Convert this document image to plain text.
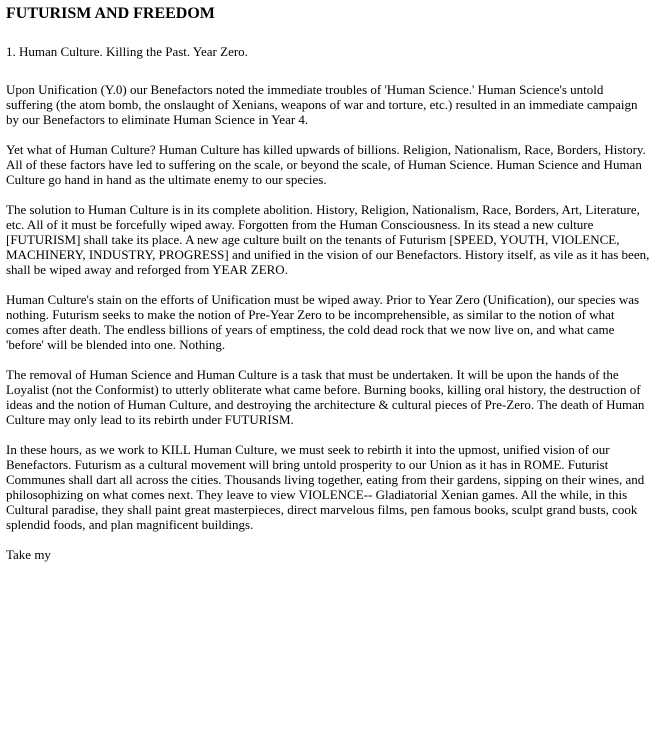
FUTURISM AND FREEDOM

1. Human Culture. Killing the Past. Year Zero.

Upon Unification (Y.0) our Benefactors noted the immediate troubles of 'Human Science.' Human Science's untold suffering (the atom bomb, the onslaught of Xenians, weapons of war and torture, etc.) resulted in an immediate campaign by our Benefactors to eliminate Human Science in Year 4.

Yet what of Human Culture? Human Culture has killed upwards of billions. Religion, Nationalism, Race, Borders, History. All of these factors have led to suffering on the scale, or beyond the scale, of Human Science. Human Science and Human Culture go hand in hand as the ultimate enemy to our species.

The solution to Human Culture is in its complete abolition. History, Religion, Nationalism, Race, Borders, Art, Literature, etc. All of it must be forcefully wiped away. Forgotten from the Human Consciousness. In its stead a new culture [FUTURISM] shall take its place. A new age culture built on the tenants of Futurism [SPEED, YOUTH, VIOLENCE, MACHINERY, INDUSTRY, PROGRESS] and unified in the vision of our Benefactors. History itself, as vile as it has been, shall be wiped away and reforged from YEAR ZERO.

Human Culture's stain on the efforts of Unification must be wiped away. Prior to Year Zero (Unification), our species was nothing. Futurism seeks to make the notion of Pre-Year Zero to be incomprehensible, as similar to the notion of what comes after death. The endless billions of years of emptiness, the cold dead rock that we now live on, and what came 'before' will be blended into one. Nothing.

The removal of Human Science and Human Culture is a task that must be undertaken. It will be upon the hands of the Loyalist (not the Conformist) to utterly obliterate what came before. Burning books, killing oral history, the destruction of ideas and the notion of Human Culture, and destroying the architecture & cultural pieces of Pre-Zero. The death of Human Culture may only lead to its rebirth under FUTURISM.

In these hours, as we work to KILL Human Culture, we must seek to rebirth it into the upmost, unified vision of our Benefactors. Futurism as a cultural movement will bring untold prosperity to our Union as it has in ROME. Futurist Communes shall dart all across the cities. Thousands living together, eating from their gardens, sipping on their wines, and philosophizing on what comes next. They leave to view VIOLENCE-- Gladiatorial Xenian games. All the while, in this Cultural paradise, they shall paint great masterpieces, direct marvelous films, pen famous books, sculpt grand busts, cook splendid foods, and plan magnificent buildings.

Take my
